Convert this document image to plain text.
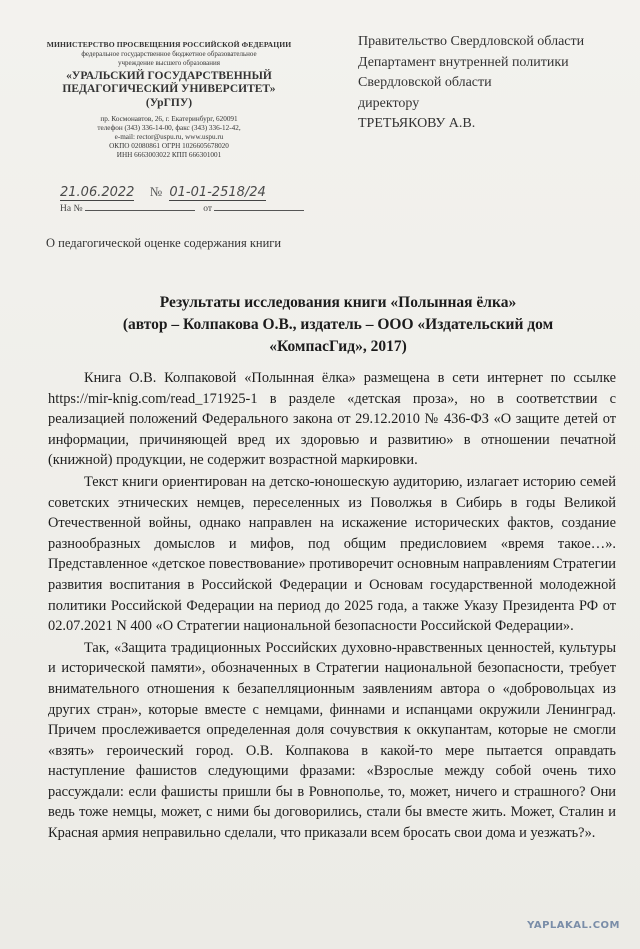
МИНИСТЕРСТВО ПРОСВЕЩЕНИЯ РОССИЙСКОЙ ФЕДЕРАЦИИ
федеральное государственное бюджетное образовательное
учреждение высшего образования
«УРАЛЬСКИЙ ГОСУДАРСТВЕННЫЙ
ПЕДАГОГИЧЕСКИЙ УНИВЕРСИТЕТ»
(УрГПУ)
пр. Космонавтов, 26, г. Екатеринбург, 620091
телефон (343) 336-14-00, факс (343) 336-12-42,
e-mail: rector@uspu.ru, www.uspu.ru
ОКПО 02080861 ОГРН 1026605678020
ИНН 6663003022 КПП 666301001
21.06.2022 № 01-01-2518/24
На №	от
Правительство Свердловской области
Департамент внутренней политики
Свердловской области
директору
ТРЕТЬЯКОВУ А.В.
О педагогической оценке содержания книги
Результаты исследования книги «Полынная ёлка»
(автор – Колпакова О.В., издатель – ООО «Издательский дом
«КомпасГид», 2017)

Книга О.В. Колпаковой «Полынная ёлка» размещена в сети интернет по ссылке https://mir-knig.com/read_171925-1 в разделе «детская проза», но в соответствии с реализацией положений Федерального закона от 29.12.2010 № 436-ФЗ «О защите детей от информации, причиняющей вред их здоровью и развитию» в отношении печатной (книжной) продукции, не содержит возрастной маркировки.

Текст книги ориентирован на детско-юношескую аудиторию, излагает историю семей советских этнических немцев, переселенных из Поволжья в Сибирь в годы Великой Отечественной войны, однако направлен на искажение исторических фактов, создание разнообразных домыслов и мифов, под общим предисловием «время такое…». Представленное «детское повествование» противоречит основным направлениям Стратегии развития воспитания в Российской Федерации и Основам государственной молодежной политики Российской Федерации на период до 2025 года, а также Указу Президента РФ от 02.07.2021 N 400 «О Стратегии национальной безопасности Российской Федерации».

Так, «Защита традиционных Российских духовно-нравственных ценностей, культуры и исторической памяти», обозначенных в Стратегии национальной безопасности, требует внимательного отношения к безапелляционным заявлениям автора о «добровольцах из других стран», которые вместе с немцами, финнами и испанцами окружили Ленинград. Причем прослеживается определенная доля сочувствия к оккупантам, которые не смогли «взять» героический город. О.В. Колпакова в какой-то мере пытается оправдать наступление фашистов следующими фразами: «Взрослые между собой очень тихо рассуждали: если фашисты пришли бы в Ровнополье, то, может, ничего и страшного? Они ведь тоже немцы, может, с ними бы договорились, стали бы вместе жить. Может, Сталин и Красная армия неправильно сделали, что приказали всем бросать свои дома и уезжать?».

YAPLAKAL.COM
